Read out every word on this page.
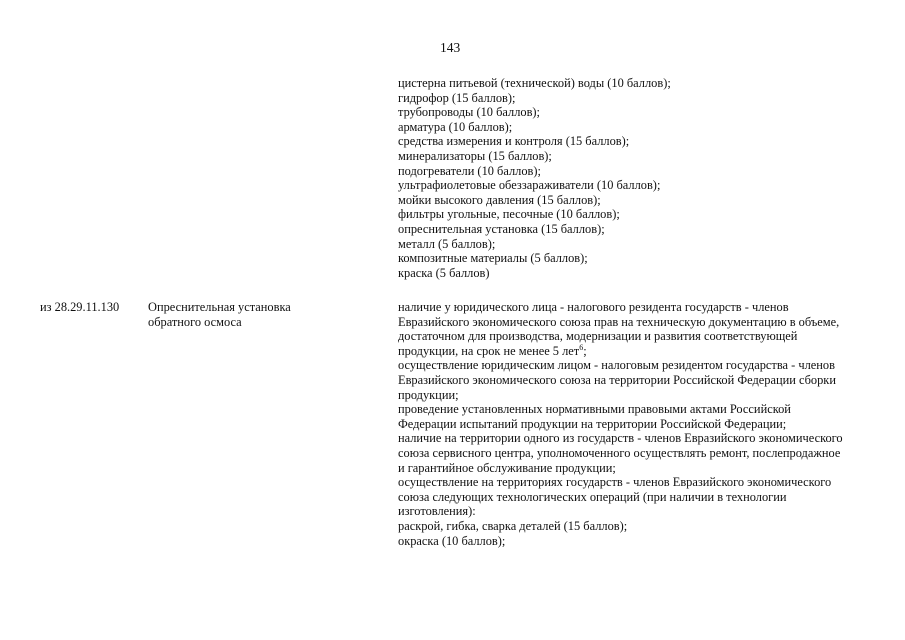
143
цистерна питьевой (технической) воды (10 баллов);
гидрофор (15 баллов);
трубопроводы (10 баллов);
арматура (10 баллов);
средства измерения и контроля (15 баллов);
минерализаторы (15 баллов);
подогреватели (10 баллов);
ультрафиолетовые обеззараживатели (10 баллов);
мойки высокого давления (15 баллов);
фильтры угольные, песочные (10 баллов);
опреснительная установка (15 баллов);
металл (5 баллов);
композитные материалы (5 баллов);
краска (5 баллов)
из 28.29.11.130	Опреснительная установка
обратного осмоса
наличие у юридического лица - налогового резидента государств - членов
Евразийского экономического союза прав на техническую документацию в объеме,
достаточном для производства, модернизации и развития соответствующей
продукции, на срок не менее 5 лет$^6$;
осуществление юридическим лицом - налоговым резидентом государства - членов
Евразийского экономического союза на территории Российской Федерации сборки
продукции;
проведение установленных нормативными правовыми актами Российской
Федерации испытаний продукции на территории Российской Федерации;
наличие на территории одного из государств - членов Евразийского экономического
союза сервисного центра, уполномоченного осуществлять ремонт, послепродажное
и гарантийное обслуживание продукции;
осуществление на территориях государств - членов Евразийского экономического
союза следующих технологических операций (при наличии в технологии
изготовления):
раскрой, гибка, сварка деталей (15 баллов);
окраска (10 баллов);
